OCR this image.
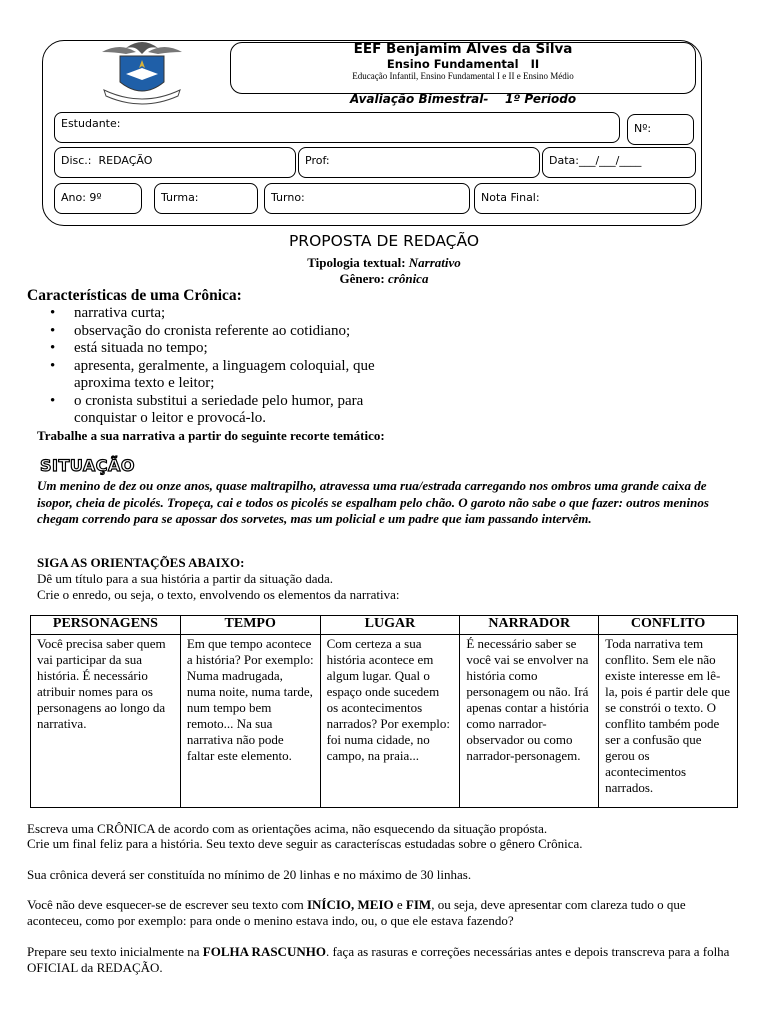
EEF Benjamim Alves da Silva
Ensino Fundamental   II
Educação Infantil, Ensino Fundamental I e II e Ensino Médio
Avaliação Bimestral-    1º Período
Estudante:	Nº:
Disc.:  REDAÇÃO	Prof:	Data:___/___/____
Ano: 9º	Turma:	Turno:	Nota Final:
PROPOSTA DE REDAÇÃO
Tipologia textual: Narrativo
Gênero: crônica
Características de uma Crônica:
• narrativa curta;
• observação do cronista referente ao cotidiano;
• está situada no tempo;
• apresenta, geralmente, a linguagem coloquial, que aproxima texto e leitor;
• o cronista substitui a seriedade pelo humor, para conquistar o leitor e provocá-lo.
Trabalhe a sua narrativa a partir do seguinte recorte temático:
SITUAÇÃO
Um menino de dez ou onze anos, quase maltrapilho, atravessa uma rua/estrada carregando nos ombros uma grande caixa de isopor, cheia de picolés. Tropeça, cai e todos os picolés se espalham pelo chão. O garoto não sabe o que fazer: outros meninos chegam correndo para se apossar dos sorvetes, mas um policial e um padre que iam passando intervêm.
SIGA AS ORIENTAÇÕES ABAIXO:
Dê um título para a sua história a partir da situação dada.
Crie o enredo, ou seja, o texto, envolvendo os elementos da narrativa:
PERSONAGENS	TEMPO	LUGAR	NARRADOR	CONFLITO
Você precisa saber quem vai participar da sua história. É necessário atribuir nomes para os personagens ao longo da narrativa.	Em que tempo acontece a história? Por exemplo: Numa madrugada, numa noite, numa tarde, num tempo bem remoto... Na sua narrativa não pode faltar este elemento.	Com certeza a sua história acontece em algum lugar. Qual o espaço onde sucedem os acontecimentos narrados? Por exemplo: foi numa cidade, no campo, na praia...	É necessário saber se você vai se envolver na história como personagem ou não. Irá apenas contar a história como narrador- observador ou como narrador-personagem.	Toda narrativa tem conflito. Sem ele não existe interesse em lê-la, pois é partir dele que se constrói o texto. O conflito também pode ser a confusão que gerou os acontecimentos narrados.
Escreva uma CRÔNICA de acordo com as orientações acima, não esquecendo da situação propósta.
Crie um final feliz para a história. Seu texto deve seguir as caracteríscas estudadas sobre o gênero Crônica.
Sua crônica deverá ser constituída no mínimo de 20 linhas e no máximo de 30 linhas.
Você não deve esquecer-se de escrever seu texto com INÍCIO, MEIO e FIM, ou seja, deve apresentar com clareza tudo o que aconteceu, como por exemplo: para onde o menino estava indo, ou, o que ele estava fazendo?
Prepare seu texto inicialmente na FOLHA RASCUNHO. faça as rasuras e correções necessárias antes e depois transcreva para a folha OFICIAL da REDAÇÃO.
